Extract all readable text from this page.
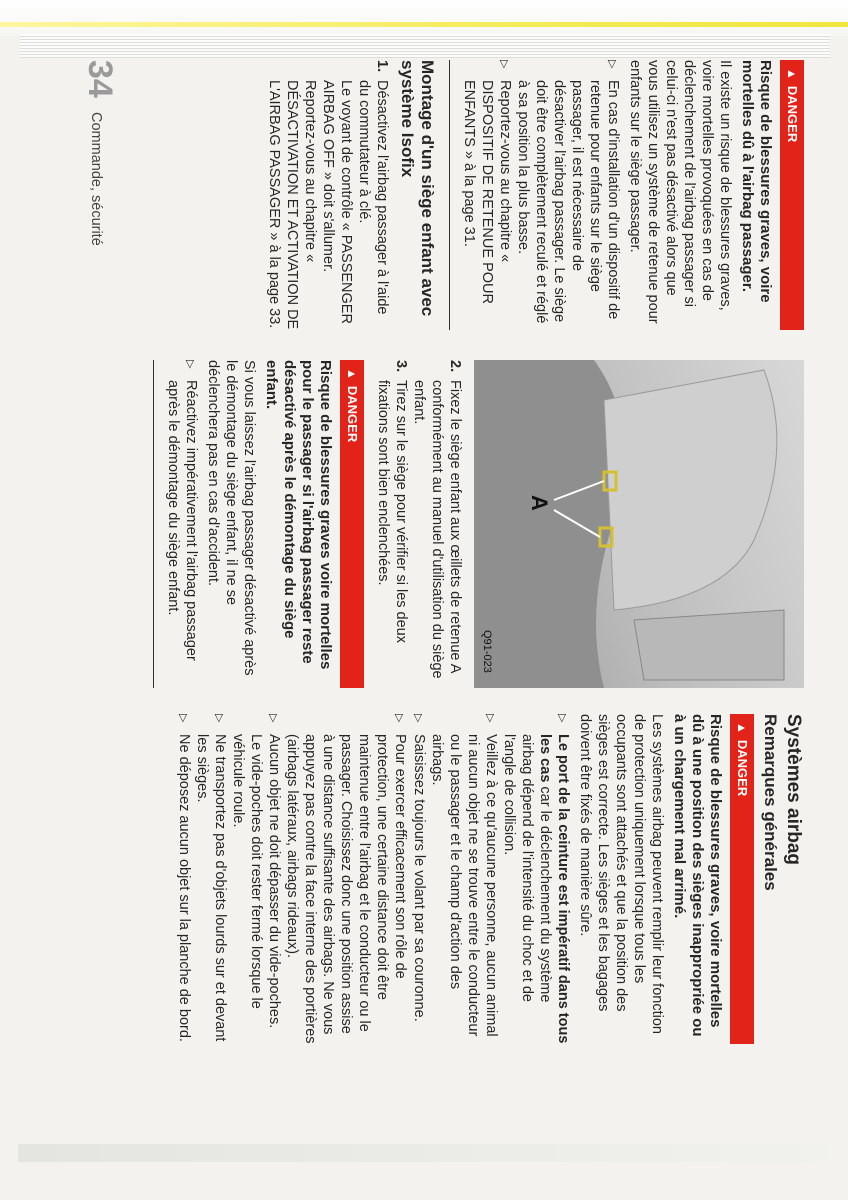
▲DANGER

Risque de blessures graves, voire mortelles dû à l'airbag passager.

Il existe un risque de blessures graves, voire mortelles provoquées en cas de déclenchement de l'airbag passager si celui-ci n'est pas désactivé alors que vous utilisez un système de retenue pour enfants sur le siège passager.

▷
En cas d'installation d'un dispositif de retenue pour enfants sur le siège passager, il est nécessaire de désactiver l'airbag passager. Le siège doit être complètement reculé et réglé à sa position la plus basse.
▷
Reportez-vous au chapitre « DISPOSITIF DE RETENUE POUR ENFANTS » à la page 31.
Montage d'un siège enfant avec système Isofix
1.
Désactivez l'airbag passager à l'aide du commutateur à clé.
Le voyant de contrôle « PASSENGER AIRBAG OFF » doit s'allumer.
Reportez-vous au chapitre « DÉSACTIVATION ET ACTIVATION DE L'AIRBAG PASSAGER » à la page 33.
A
Q91-023
2.
Fixez le siège enfant aux œillets de retenue A conformément au manuel d'utilisation du siège enfant.
3.
Tirez sur le siège pour vérifier si les deux fixations sont bien enclenchées.
▲DANGER

Risque de blessures graves voire mortelles pour le passager si l'airbag passager reste désactivé après le démontage du siège enfant.

Si vous laissez l'airbag passager désactivé après le démontage du siège enfant, il ne se déclenchera pas en cas d'accident.

▷
Réactivez impérativement l'airbag passager après le démontage du siège enfant.
Systèmes airbag
Remarques générales
▲DANGER

Risque de blessures graves, voire mortelles dû à une position des sièges inappropriée ou à un chargement mal arrimé.

Les systèmes airbag peuvent remplir leur fonction de protection uniquement lorsque tous les occupants sont attachés et que la position des sièges est correcte. Les sièges et les bagages doivent être fixés de manière sûre.

▷
Le port de la ceinture est impératif dans tous les cas car le déclenchement du système airbag dépend de l'intensité du choc et de l'angle de collision.
▷
Veillez à ce qu'aucune personne, aucun animal ni aucun objet ne se trouve entre le conducteur ou le passager et le champ d'action des airbags.
▷
Saisissez toujours le volant par sa couronne.
▷
Pour exercer efficacement son rôle de protection, une certaine distance doit être maintenue entre l'airbag et le conducteur ou le passager. Choisissez donc une position assise à une distance suffisante des airbags. Ne vous appuyez pas contre la face interne des portières (airbags latéraux, airbags rideaux).
▷
Aucun objet ne doit dépasser du vide-poches. Le vide-poches doit rester fermé lorsque le véhicule roule.
▷
Ne transportez pas d'objets lourds sur et devant les sièges.
▷
Ne déposez aucun objet sur la planche de bord.
34
Commande, sécurité
